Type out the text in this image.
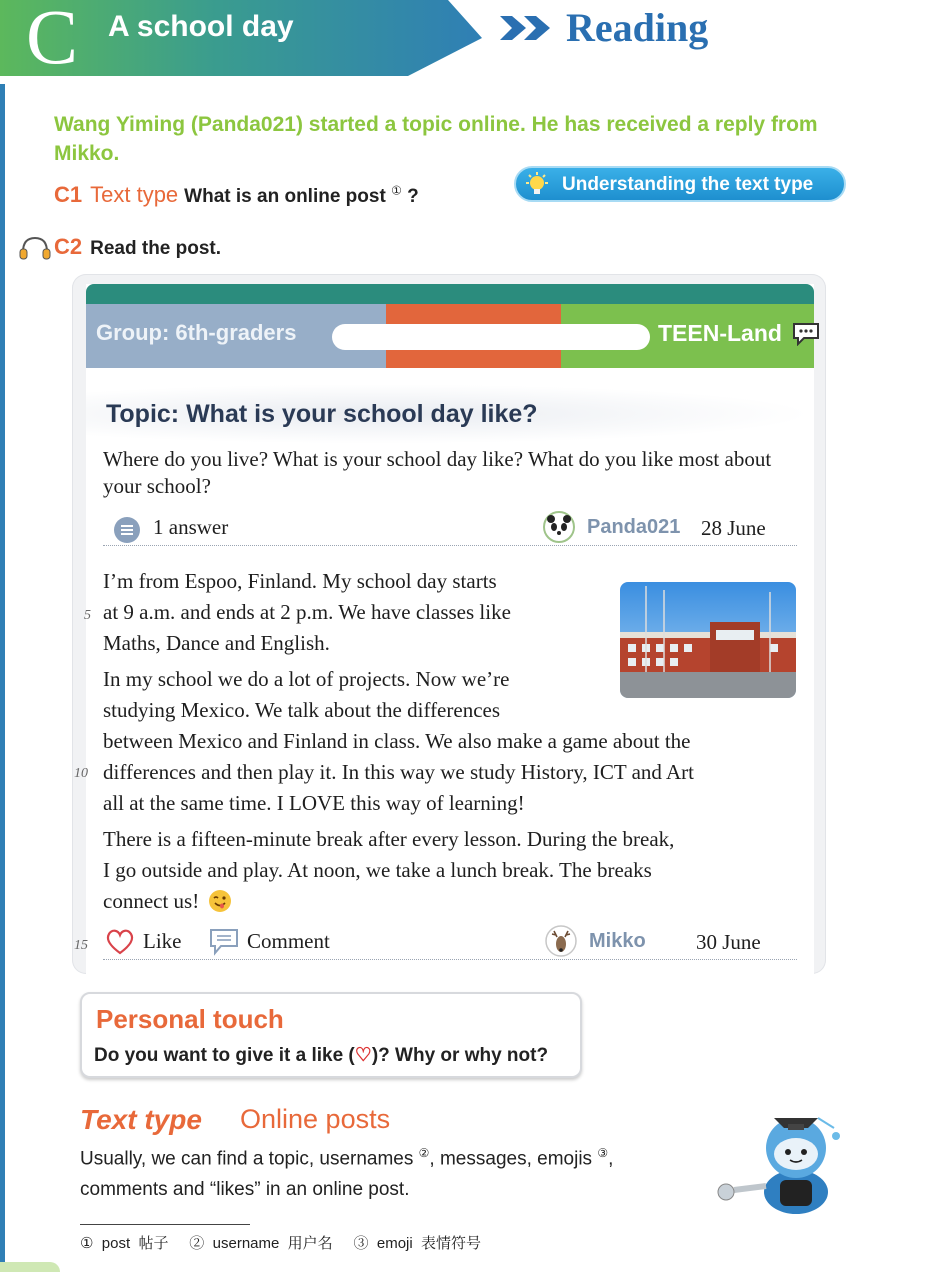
C A school day	Reading
Wang Yiming (Panda021) started a topic online. He has received a reply from Mikko.
C1 Text type What is an online post ① ?
Understanding the text type
C2 Read the post.
Group: 6th-graders	TEEN-Land
Topic: What is your school day like?
Where do you live? What is your school day like? What do you like most about your school?
1 answer	Panda021 28 June
I’m from Espoo, Finland. My school day starts
at 9 a.m. and ends at 2 p.m. We have classes like
Maths, Dance and English.
In my school we do a lot of projects. Now we’re
studying Mexico. We talk about the differences
between Mexico and Finland in class. We also make a game about the
differences and then play it. In this way we study History, ICT and Art
all at the same time. I LOVE this way of learning!
There is a fifteen-minute break after every lesson. During the break,
I go outside and play. At noon, we take a lunch break. The breaks
connect us!
Like	Comment	Mikko 30 June
5
10
15
Personal touch
Do you want to give it a like (♡)? Why or why not?
Text type Online posts
Usually, we can find a topic, usernames ②, messages, emojis ③,
comments and “likes” in an online post.
①  post  帖子     ②  username  用户名     ③  emoji  表情符号
